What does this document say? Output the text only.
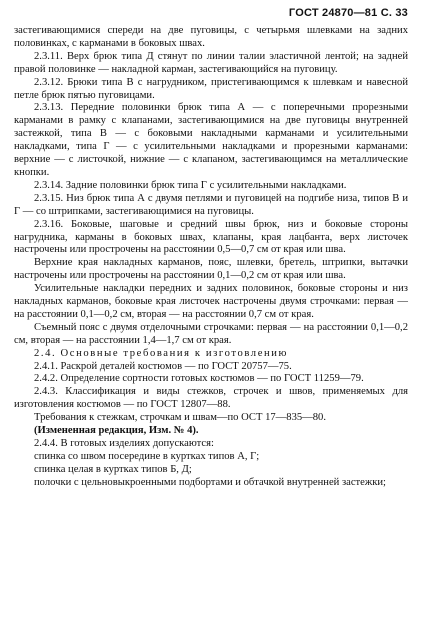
ГОСТ 24870—81 С. 33

застегивающимися спереди на две пуговицы, с четырьмя шлевками на задних половинках, с карманами в боковых швах.

2.3.11. Верх брюк типа Д стянут по линии талии эластичной лентой; на задней правой половинке — накладной карман, застегивающийся на пуговицу.

2.3.12. Брюки типа В с нагрудником, пристегивающимся к шлевкам и навесной петле брюк пятью пуговицами.

2.3.13. Передние половинки брюк типа А — с поперечными прорезными карманами в рамку с клапанами, застегивающимися на две пуговицы внутренней застежкой, типа В — с боковыми накладными карманами и усилительными накладками, типа Г — с усилительными накладками и прорезными карманами: верхние — с листочкой, нижние — с клапаном, застегивающимся на металлические кнопки.

2.3.14. Задние половинки брюк типа Г с усилительными накладками.

2.3.15. Низ брюк типа А с двумя петлями и пуговицей на подгибе низа, типов В и Г — со штрипками, застегивающимися на пуговицы.

2.3.16. Боковые, шаговые и средний швы брюк, низ и боковые стороны нагрудника, карманы в боковых швах, клапаны, края лацбанта, верх листочек настрочены или прострочены на расстоянии 0,5—0,7 см от края или шва.

Верхние края накладных карманов, пояс, шлевки, бретель, штрипки, вытачки настрочены или прострочены на расстоянии 0,1—0,2 см от края или шва.

Усилительные накладки передних и задних половинок, боковые стороны и низ накладных карманов, боковые края листочек настрочены двумя строчками: первая — на расстоянии 0,1—0,2 см, вторая — на расстоянии 0,7 см от края.

Съемный пояс с двумя отделочными строчками: первая — на расстоянии 0,1—0,2 см, вторая — на расстоянии 1,4—1,7 см от края.

2.4. Основные требования к изготовлению

2.4.1. Раскрой деталей костюмов — по ГОСТ 20757—75.

2.4.2. Определение сортности готовых костюмов — по ГОСТ 11259—79.

2.4.3. Классификация и виды стежков, строчек и швов, применяемых для изготовления костюмов — по ГОСТ 12807—88.

Требования к стежкам, строчкам и швам—по ОСТ 17—835—80.

(Измененная редакция, Изм. № 4).

2.4.4. В готовых изделиях допускаются:

спинка со швом посередине в куртках типов А, Г;

спинка целая в куртках типов Б, Д;

полочки с цельновыкроенными подбортами и обтачкой внутренней застежки;
